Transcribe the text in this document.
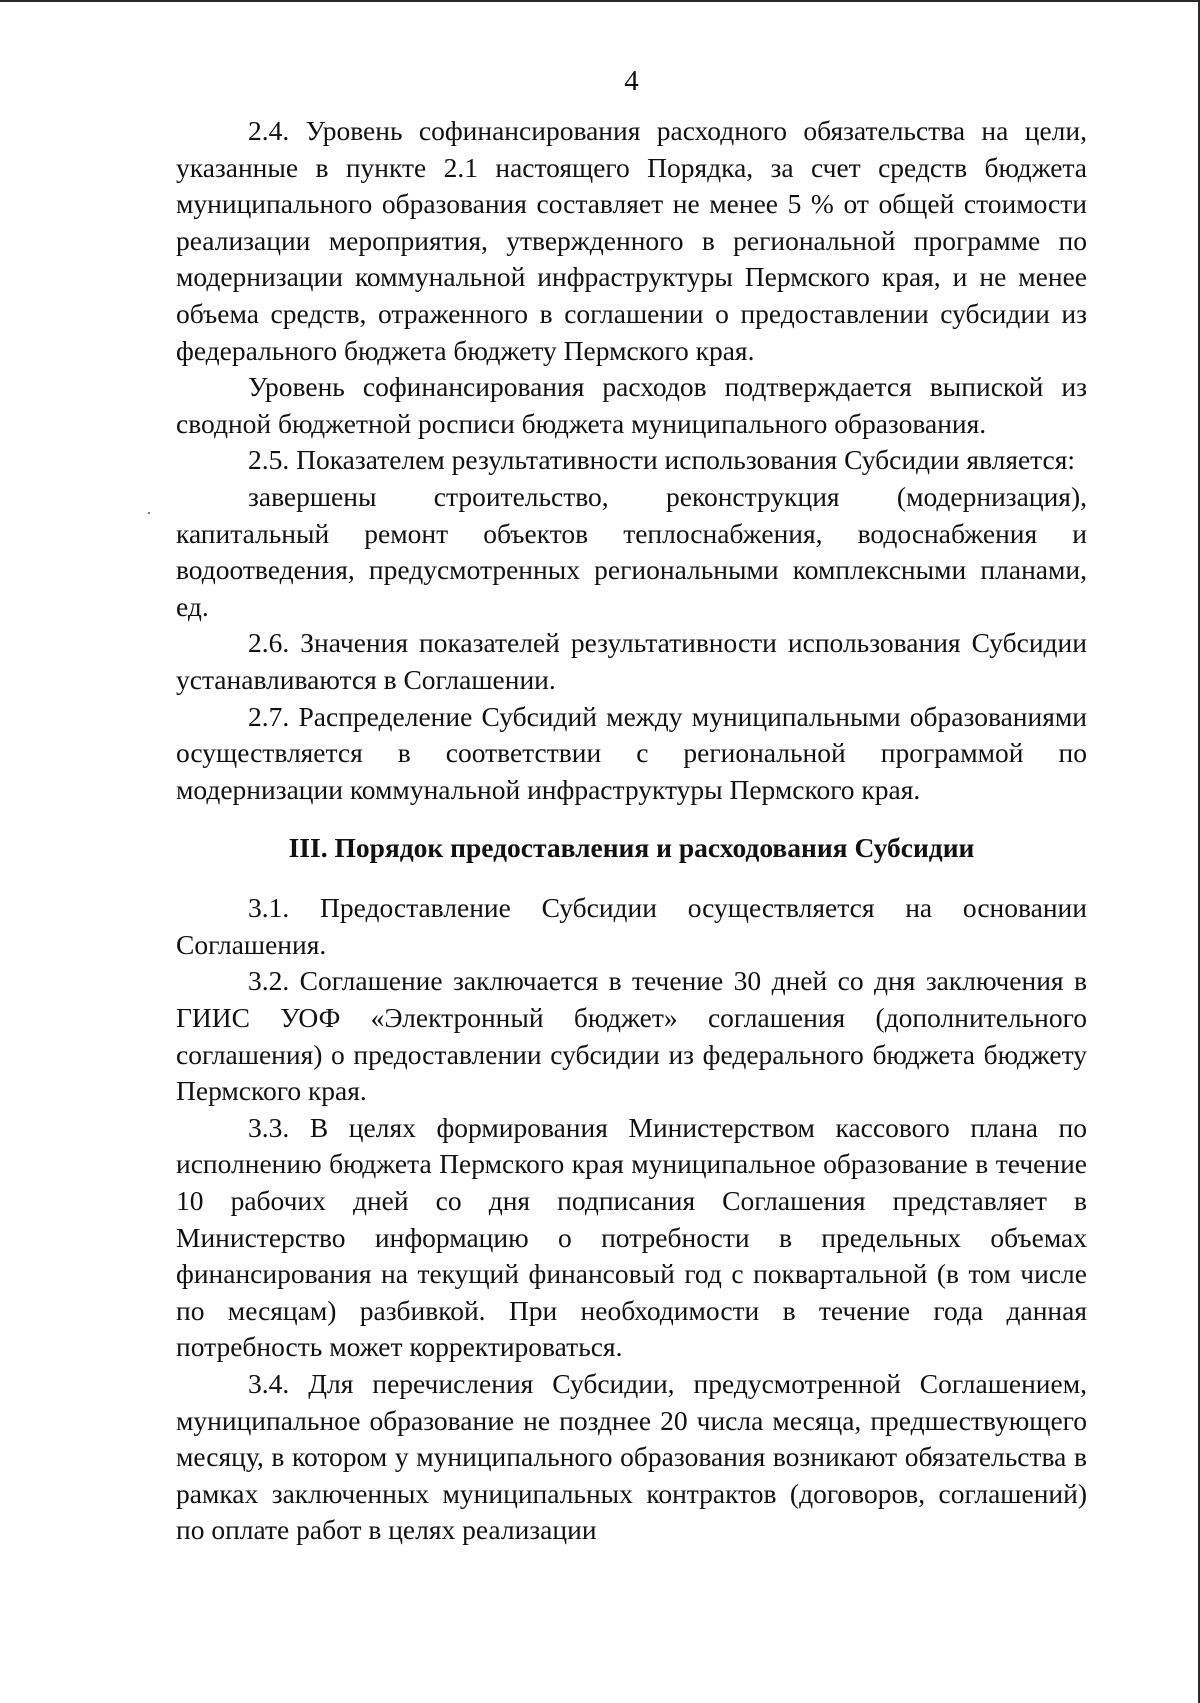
4

2.4. Уровень софинансирования расходного обязательства на цели, указанные в пункте 2.1 настоящего Порядка, за счет средств бюджета муниципального образования составляет не менее 5 % от общей стоимости реализации мероприятия, утвержденного в региональной программе по модернизации коммунальной инфраструктуры Пермского края, и не менее объема средств, отраженного в соглашении о предоставлении субсидии из федерального бюджета бюджету Пермского края.

Уровень софинансирования расходов подтверждается выпиской из сводной бюджетной росписи бюджета муниципального образования.

2.5. Показателем результативности использования Субсидии является:

завершены строительство, реконструкция (модернизация), капитальный ремонт объектов теплоснабжения, водоснабжения и водоотведения, предусмотренных региональными комплексными планами, ед.

2.6. Значения показателей результативности использования Субсидии устанавливаются в Соглашении.

2.7. Распределение Субсидий между муниципальными образованиями осуществляется в соответствии с региональной программой по модернизации коммунальной инфраструктуры Пермского края.

III. Порядок предоставления и расходования Субсидии

3.1. Предоставление Субсидии осуществляется на основании Соглашения.

3.2. Соглашение заключается в течение 30 дней со дня заключения в ГИИС УОФ «Электронный бюджет» соглашения (дополнительного соглашения) о предоставлении субсидии из федерального бюджета бюджету Пермского края.

3.3. В целях формирования Министерством кассового плана по исполнению бюджета Пермского края муниципальное образование в течение 10 рабочих дней со дня подписания Соглашения представляет в Министерство информацию о потребности в предельных объемах финансирования на текущий финансовый год с поквартальной (в том числе по месяцам) разбивкой. При необходимости в течение года данная потребность может корректироваться.

3.4. Для перечисления Субсидии, предусмотренной Соглашением, муниципальное образование не позднее 20 числа месяца, предшествующего месяцу, в котором у муниципального образования возникают обязательства в рамках заключенных муниципальных контрактов (договоров, соглашений) по оплате работ в целях реализации
